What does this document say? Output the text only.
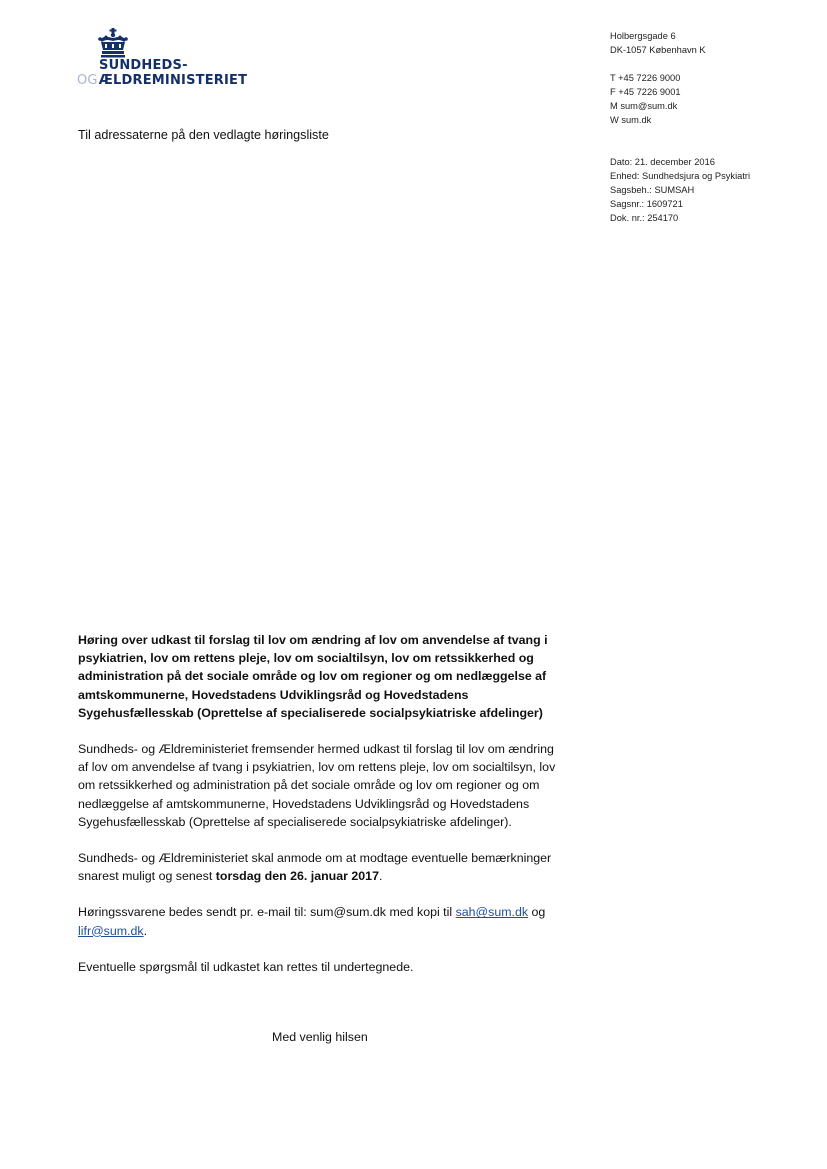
SUNDHEDS-
OGÆLDREMINISTERIET
Holbergsgade 6
DK-1057 København K
T +45 7226 9000
F +45 7226 9001
M sum@sum.dk
W sum.dk
Dato: 21. december 2016
Enhed: Sundhedsjura og Psykiatri
Sagsbeh.: SUMSAH
Sagsnr.: 1609721
Dok. nr.: 254170
Til adressaterne på den vedlagte høringsliste

Høring over udkast til forslag til lov om ændring af lov om anvendelse af tvang i psykiatrien, lov om rettens pleje, lov om socialtilsyn, lov om retssikkerhed og administration på det sociale område og lov om regioner og om nedlæggelse af amtskommunerne, Hovedstadens Udviklingsråd og Hovedstadens Sygehusfællesskab (Oprettelse af specialiserede socialpsykiatriske afdelinger)

Sundheds- og Ældreministeriet fremsender hermed udkast til forslag til lov om ændring af lov om anvendelse af tvang i psykiatrien, lov om rettens pleje, lov om socialtilsyn, lov om retssikkerhed og administration på det sociale område og lov om regioner og om nedlæggelse af amtskommunerne, Hovedstadens Udviklingsråd og Hovedstadens Sygehusfællesskab (Oprettelse af specialiserede socialpsykiatriske afdelinger).

Sundheds- og Ældreministeriet skal anmode om at modtage eventuelle bemærkninger snarest muligt og senest torsdag den 26. januar 2017.

Høringssvarene bedes sendt pr. e-mail til: sum@sum.dk med kopi til sah@sum.dk og lifr@sum.dk.

Eventuelle spørgsmål til udkastet kan rettes til undertegnede.

Med venlig hilsen
